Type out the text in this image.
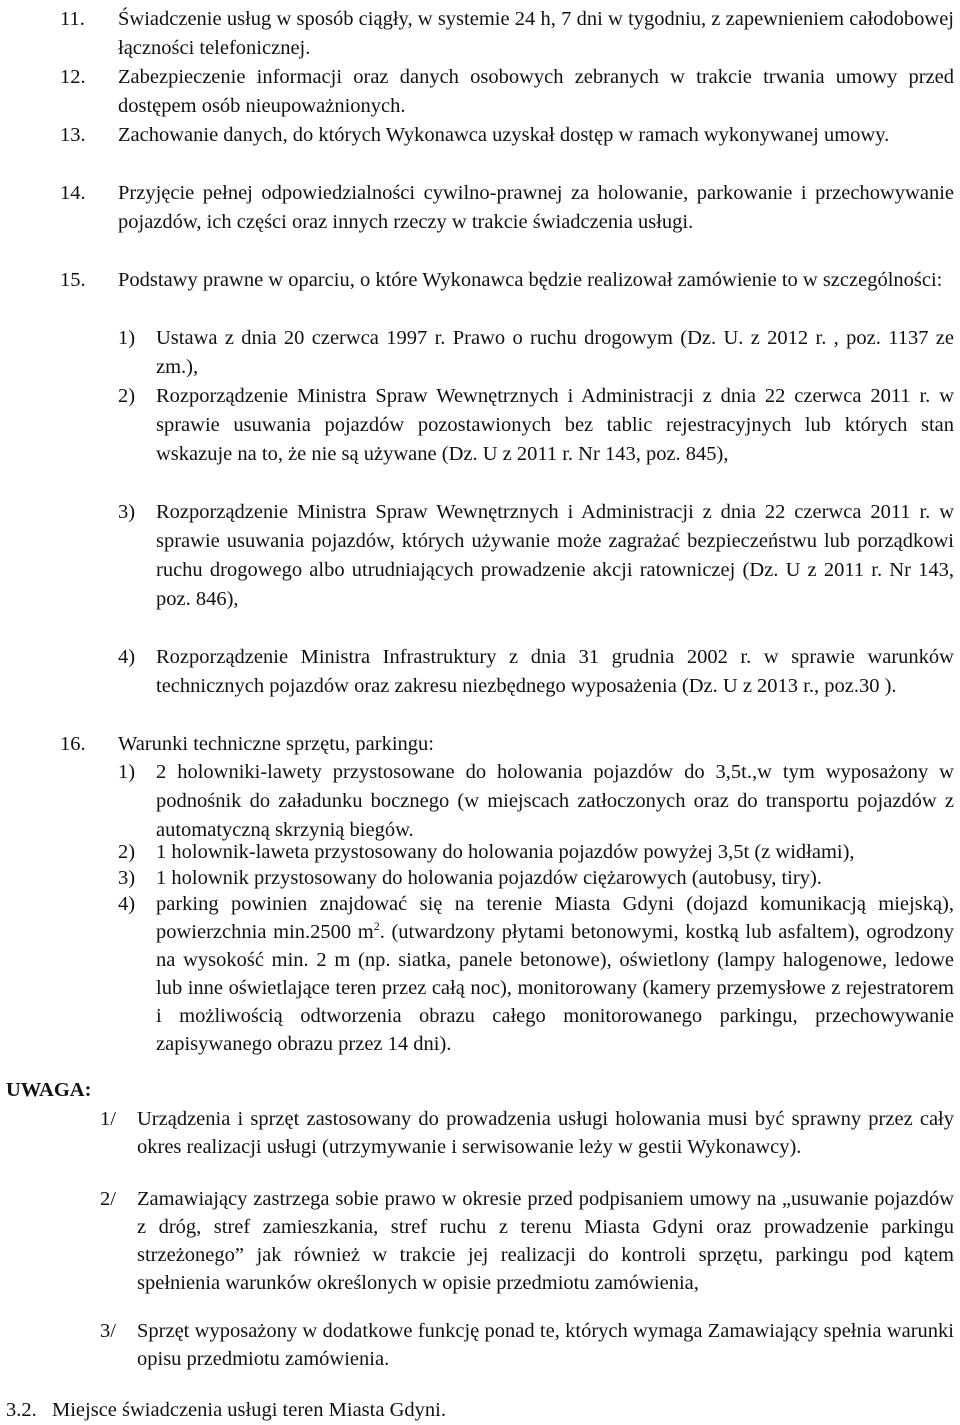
11. Świadczenie usług w sposób ciągły, w systemie 24 h, 7 dni w tygodniu, z zapewnieniem całodobowej łączności telefonicznej.

12. Zabezpieczenie informacji oraz danych osobowych zebranych w trakcie trwania umowy przed dostępem osób nieupoważnionych.

13. Zachowanie danych, do których Wykonawca uzyskał dostęp w ramach wykonywanej umowy.

14. Przyjęcie pełnej odpowiedzialności cywilno-prawnej za holowanie, parkowanie i przechowywanie pojazdów, ich części oraz innych rzeczy w trakcie świadczenia usługi.

15. Podstawy prawne w oparciu, o które Wykonawca będzie realizował zamówienie to w szczególności:

1) Ustawa z dnia 20 czerwca 1997 r. Prawo o ruchu drogowym (Dz. U. z 2012 r. , poz. 1137 ze zm.),

2) Rozporządzenie Ministra Spraw Wewnętrznych i Administracji z dnia 22 czerwca 2011 r. w sprawie usuwania pojazdów pozostawionych bez tablic rejestracyjnych lub których stan wskazuje na to, że nie są używane (Dz. U z 2011 r. Nr 143, poz. 845),

3) Rozporządzenie Ministra Spraw Wewnętrznych i Administracji z dnia 22 czerwca 2011 r. w sprawie usuwania pojazdów, których używanie może zagrażać bezpieczeństwu lub porządkowi ruchu drogowego albo utrudniających prowadzenie akcji ratowniczej (Dz. U z 2011 r. Nr 143, poz. 846),

4) Rozporządzenie Ministra Infrastruktury z dnia 31 grudnia 2002 r. w sprawie warunków technicznych pojazdów oraz zakresu niezbędnego wyposażenia (Dz. U z 2013 r., poz.30 ).

16. Warunki techniczne sprzętu, parkingu:

1) 2 holowniki-lawety przystosowane do holowania pojazdów do 3,5t.,w tym wyposażony w podnośnik do załadunku bocznego (w miejscach zatłoczonych oraz do transportu pojazdów z automatyczną skrzynią biegów.

2) 1 holownik-laweta przystosowany do holowania pojazdów powyżej 3,5t (z widłami),

3) 1 holownik przystosowany do holowania pojazdów ciężarowych (autobusy, tiry).

4) parking powinien znajdować się na terenie Miasta Gdyni (dojazd komunikacją miejską), powierzchnia min.2500 $m^2$. (utwardzony płytami betonowymi, kostką lub asfaltem), ogrodzony na wysokość min. 2 m (np. siatka, panele betonowe), oświetlony (lampy halogenowe, ledowe lub inne oświetlające teren przez całą noc), monitorowany (kamery przemysłowe z rejestratorem i możliwością odtworzenia obrazu całego monitorowanego parkingu, przechowywanie zapisywanego obrazu przez 14 dni).

UWAGA:
1/ Urządzenia i sprzęt zastosowany do prowadzenia usługi holowania musi być sprawny przez cały okres realizacji usługi (utrzymywanie i serwisowanie leży w gestii Wykonawcy).

2/ Zamawiający zastrzega sobie prawo w okresie przed podpisaniem umowy na „usuwanie pojazdów z dróg, stref zamieszkania, stref ruchu z terenu Miasta Gdyni oraz prowadzenie parkingu strzeżonego” jak również w trakcie jej realizacji do kontroli sprzętu, parkingu pod kątem spełnienia warunków określonych w opisie przedmiotu zamówienia,

3/ Sprzęt wyposażony w dodatkowe funkcję ponad te, których wymaga Zamawiający spełnia warunki opisu przedmiotu zamówienia.

3.2. Miejsce świadczenia usługi teren Miasta Gdyni.
